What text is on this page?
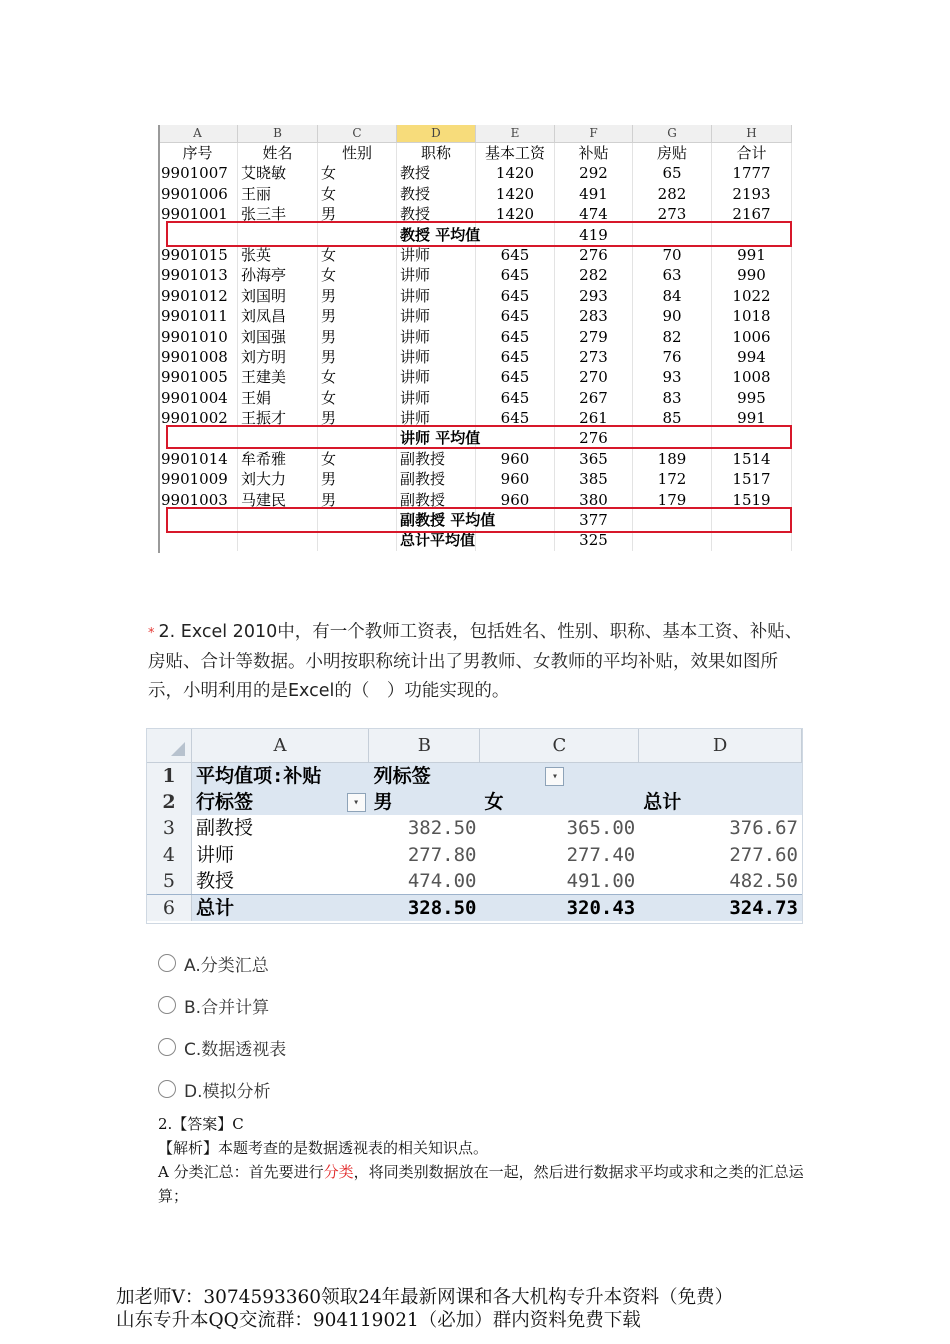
A	B	C	D	E	F	G	H
序号	姓名	性别	职称	基本工资	补贴	房贴	合计
9901007 艾晓敏	女	教授	1420	292	65	1777
9901006 王丽	女	教授	1420	491	282	2193
9901001 张三丰	男	教授	1420	474	273	2167
教授 平均值	419
9901015 张英	女	讲师	645	276	70	991
9901013 孙海亭	女	讲师	645	282	63	990
9901012 刘国明	男	讲师	645	293	84	1022
9901011 刘凤昌	男	讲师	645	283	90	1018
9901010 刘国强	男	讲师	645	279	82	1006
9901008 刘方明	男	讲师	645	273	76	994
9901005 王建美	女	讲师	645	270	93	1008
9901004 王娟	女	讲师	645	267	83	995
9901002 王振才	男	讲师	645	261	85	991
讲师 平均值	276
9901014 牟希雅	女	副教授	960	365	189	1514
9901009 刘大力	男	副教授	960	385	172	1517
9901003 马建民	男	副教授	960	380	179	1519
副教授 平均值	377
总计平均值	325
* 2. Excel 2010中，有一个教师工资表，包括姓名、性别、职称、基本工资、补贴、房贴、合计等数据。小明按职称统计出了男教师、女教师的平均补贴，效果如图所示，小明利用的是Excel的（　）功能实现的。
A	B	C	D
1	平均值项:补贴	列标签	▾
2	行标签	▾ 男	女	总计
3	副教授	382.50	365.00	376.67
4	讲师	277.80	277.40	277.60
5	教授	474.00	491.00	482.50
6	总计	328.50	320.43	324.73
A.分类汇总
B.合并计算
C.数据透视表
D.模拟分析
2.【答案】C
【解析】本题考查的是数据透视表的相关知识点。
A 分类汇总：首先要进行分类，将同类别数据放在一起，然后进行数据求平均或求和之类的汇总运算；
加老师V：3074593360领取24年最新网课和各大机构专升本资料（免费）
山东专升本QQ交流群：904119021（必加）群内资料免费下载
